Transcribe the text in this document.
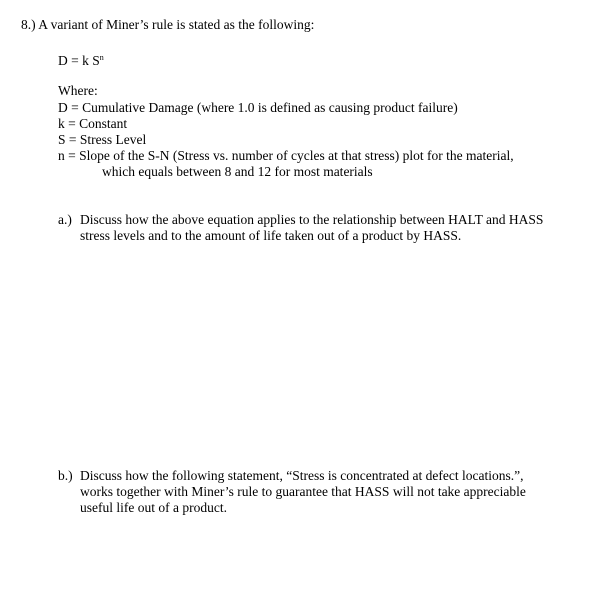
8.) A variant of Miner’s rule is stated as the following:
D = k $S^n$
Where:
D = Cumulative Damage (where 1.0 is defined as causing product failure)
k = Constant
S = Stress Level
n = Slope of the S-N (Stress vs. number of cycles at that stress) plot for the material,
which equals between 8 and 12 for most materials
a.) Discuss how the above equation applies to the relationship between HALT and HASS
stress levels and to the amount of life taken out of a product by HASS.
b.) Discuss how the following statement, “Stress is concentrated at defect locations.”,
works together with Miner’s rule to guarantee that HASS will not take appreciable
useful life out of a product.
